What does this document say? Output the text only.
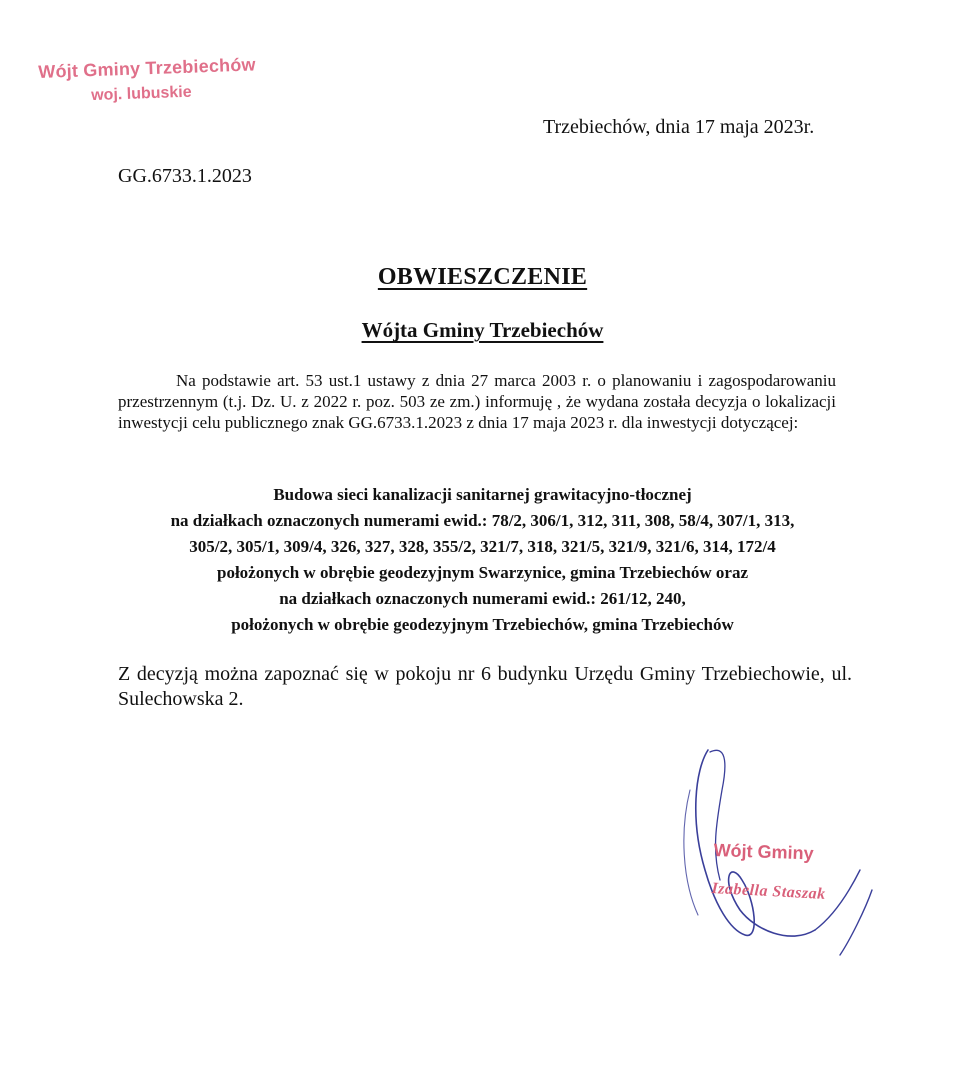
Wójt Gminy Trzebiechów
woj. lubuskie
Trzebiechów, dnia 17 maja 2023r.
GG.6733.1.2023
OBWIESZCZENIE
Wójta Gminy Trzebiechów

Na podstawie art. 53 ust.1 ustawy z dnia 27 marca 2003 r. o planowaniu i zagospodarowaniu przestrzennym (t.j. Dz. U. z 2022 r. poz. 503 ze zm.) informuję , że wydana została decyzja o lokalizacji inwestycji celu publicznego znak GG.6733.1.2023 z dnia 17 maja 2023 r. dla inwestycji dotyczącej:

Budowa sieci kanalizacji sanitarnej grawitacyjno-tłocznej
na działkach oznaczonych numerami ewid.: 78/2, 306/1, 312, 311, 308, 58/4, 307/1, 313,
305/2, 305/1, 309/4, 326, 327, 328, 355/2, 321/7, 318, 321/5, 321/9, 321/6, 314, 172/4
położonych w obrębie geodezyjnym Swarzynice, gmina Trzebiechów oraz
na działkach oznaczonych numerami ewid.: 261/12, 240,
położonych w obrębie geodezyjnym Trzebiechów, gmina Trzebiechów

Z decyzją można zapoznać się w pokoju nr 6 budynku Urzędu Gminy Trzebiechowie, ul. Sulechowska 2.

Wójt Gminy
Izabella Staszak
